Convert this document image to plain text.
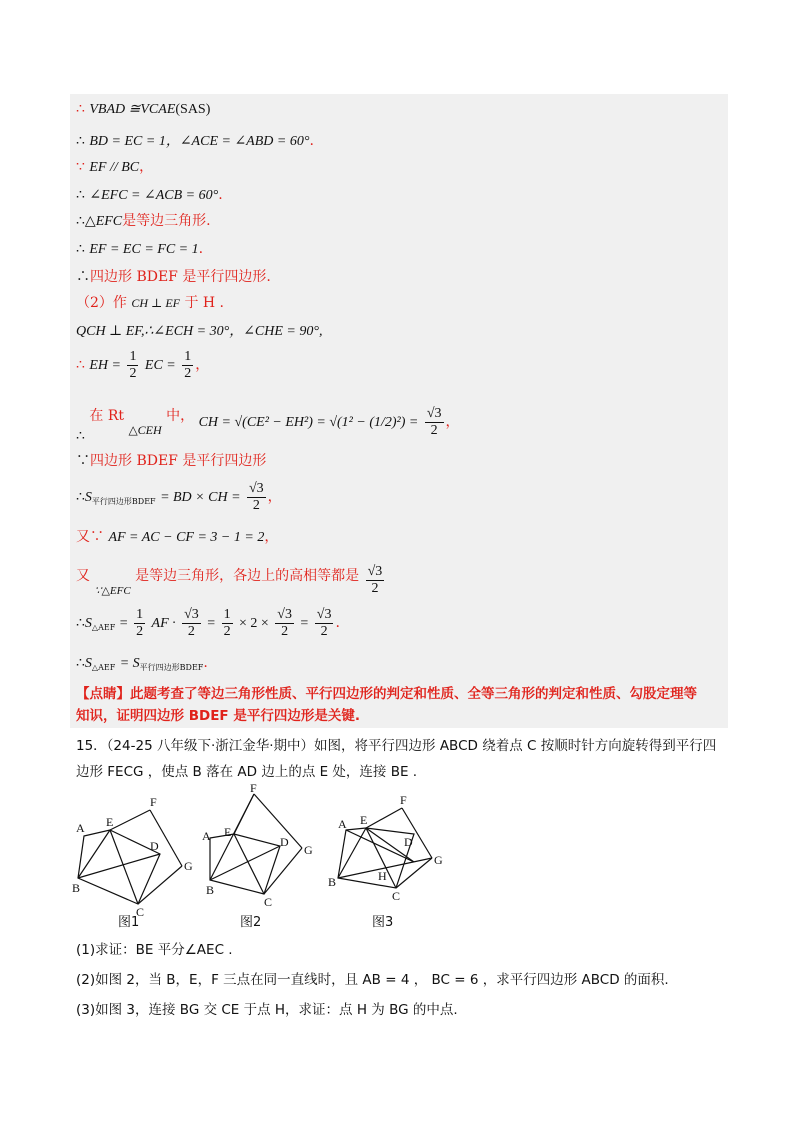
∴ VBAD ≅VCAE(SAS)
∴ BD = EC = 1，∠ACE = ∠ABD = 60°.
∵ EF // BC，
∴ ∠EFC = ∠ACB = 60°.
∴△EFC是等边三角形.
∴ EF = EC = FC = 1.
∴四边形 BDEF 是平行四边形.
（2）作 CH ⊥ EF 于 H .
QCH ⊥ EF,∴∠ECH = 30°，∠CHE = 90°,
∴ EH = $\frac{1}{2}$ EC = $\frac{1}{2}$ ，
∴ 在 Rt △CEH 中， CH = $√(CE^2 - EH^2) = √(1^2 - (1/2)^2) = \frac{√3}{2}$ ，
∵四边形 BDEF 是平行四边形
$\therefore S_{平行四边形BDEF}$ = BD × CH = $\frac{√3}{2}$ ，
又∵ AF = AC − CF = 3 − 1 = 2，
又 $_{\because\triangle EFC}$ 是等边三角形，各边上的高相等都是 $\frac{√3}{2}$
$\therefore S_{\triangle AEF} = \frac{1}{2}$ AF · $\frac{√3}{2} = \frac{1}{2} \times 2 \times \frac{√3}{2} = \frac{√3}{2}$ .
$\therefore S_{\triangle AEF} = S_{平行四边形BDEF}$.
【点睛】此题考查了等边三角形性质、平行四边形的判定和性质、全等三角形的判定和性质、勾股定理等
知识，证明四边形 BDEF 是平行四边形是关键.
15．（24-25 八年级下·浙江金华·期中）如图，将平行四边形 ABCD 绕着点 C 按顺时针方向旋转得到平行四
边形 FECG ，使点 B 落在 AD 边上的点 E 处，连接 BE .
A E
F
D
G
B
C
图1
F
A E
D
G
B
C
图2
A E
F
D
G
H
B
C
图3
(1)求证：BE 平分∠AEC .
(2)如图 2，当 B，E，F 三点在同一直线时，且 AB = 4 ， BC = 6 ，求平行四边形 ABCD 的面积.
(3)如图 3，连接 BG 交 CE 于点 H，求证：点 H 为 BG 的中点.
